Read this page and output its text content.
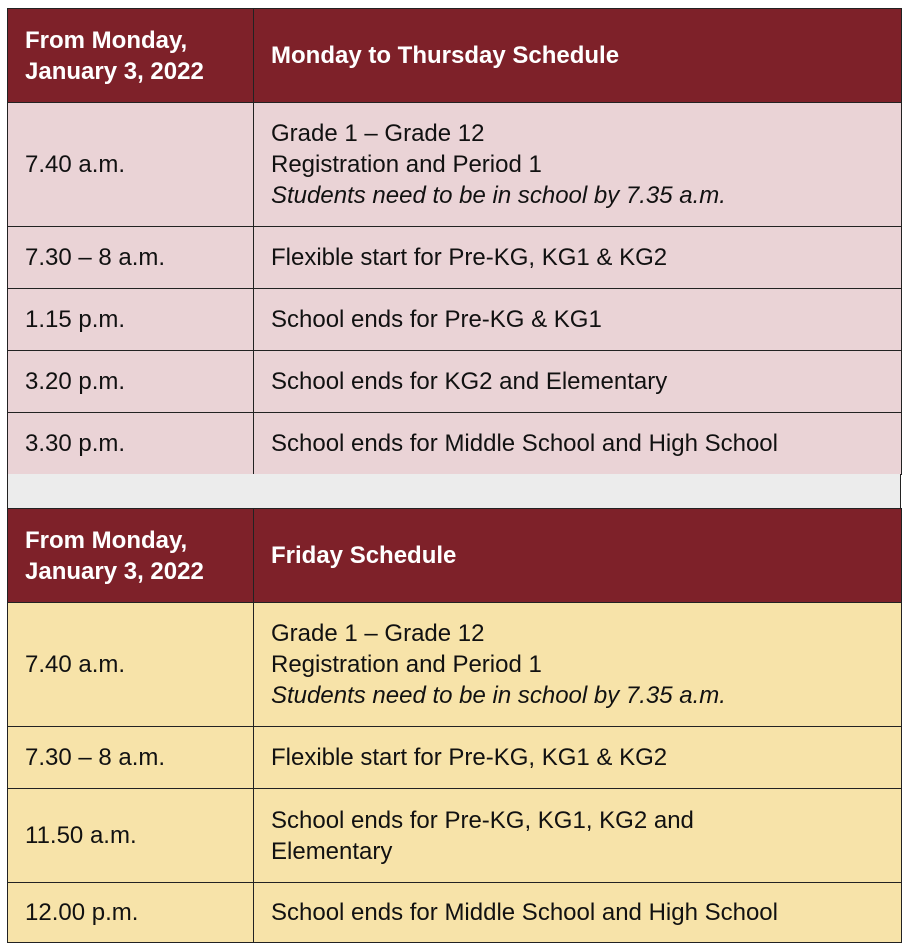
From Monday,
January 3, 2022	Monday to Thursday Schedule
7.40 a.m.	Grade 1 – Grade 12
Registration and Period 1
Students need to be in school by 7.35 a.m.

7.30 – 8 a.m.	Flexible start for Pre-KG, KG1 & KG2

1.15 p.m.	School ends for Pre-KG & KG1

3.20 p.m.	School ends for KG2 and Elementary

3.30 p.m.	School ends for Middle School and High School
From Monday,
January 3, 2022	Friday Schedule
7.40 a.m.	Grade 1 – Grade 12
Registration and Period 1
Students need to be in school by 7.35 a.m.

7.30 – 8 a.m.	Flexible start for Pre-KG, KG1 & KG2

11.50 a.m.	School ends for Pre-KG, KG1, KG2 and
Elementary

12.00 p.m.	School ends for Middle School and High School
